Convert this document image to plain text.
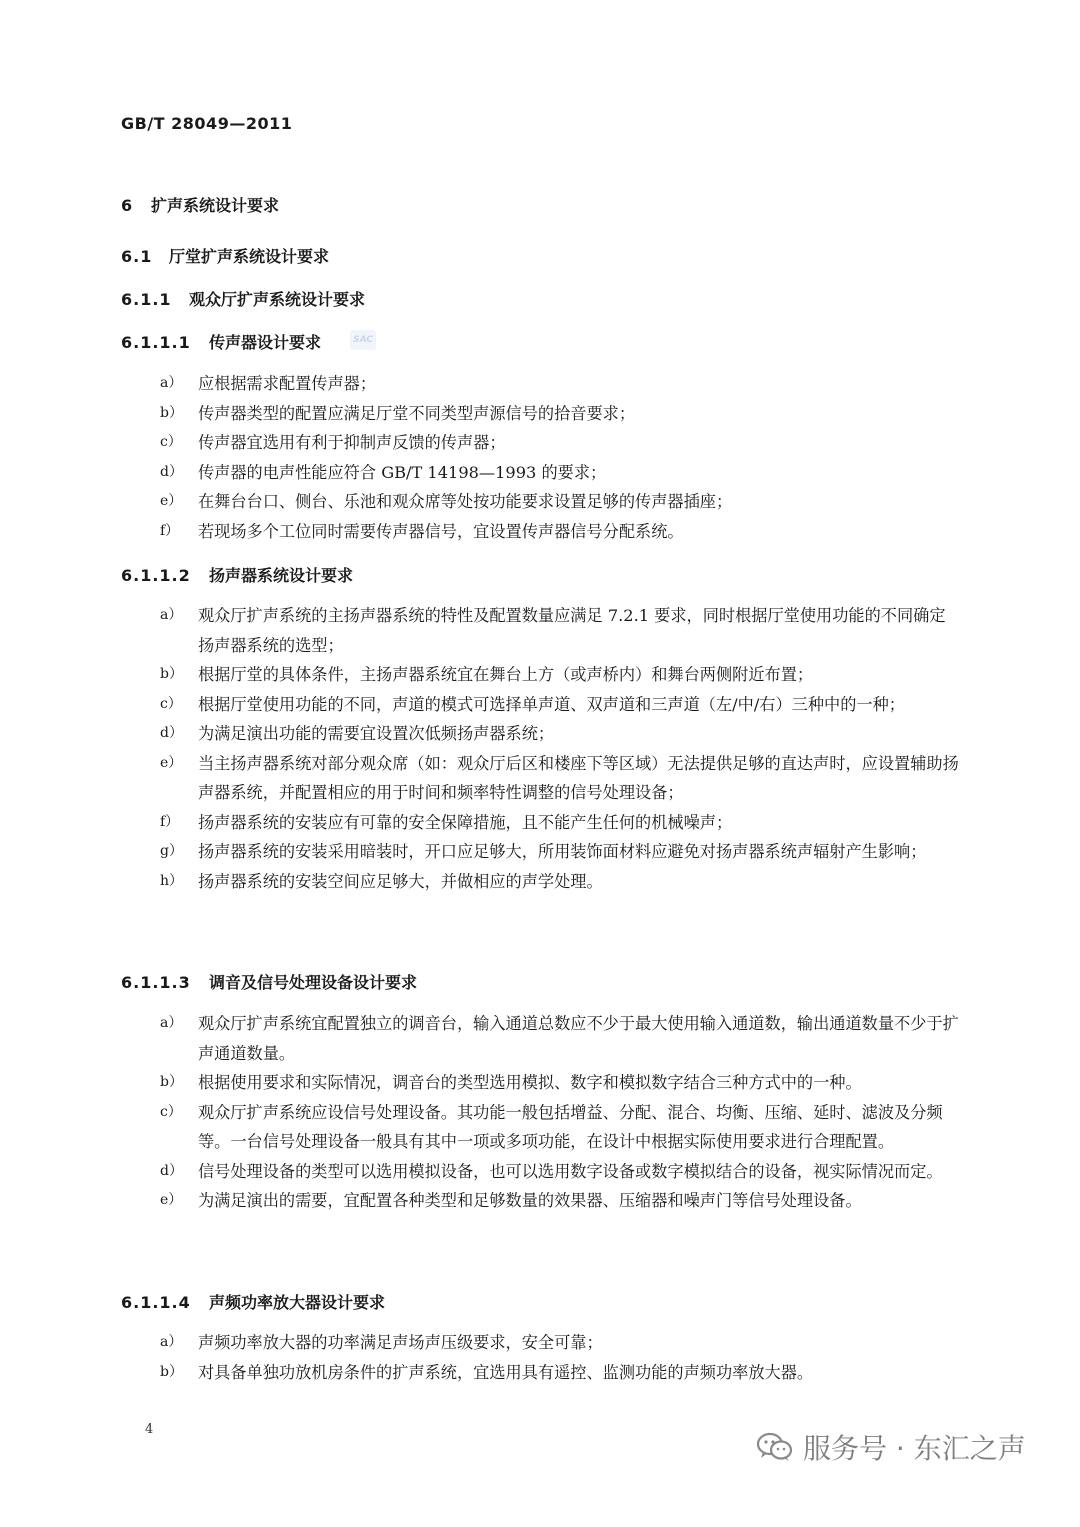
GB/T 28049—2011
6 扩声系统设计要求
6.1 厅堂扩声系统设计要求
6.1.1 观众厅扩声系统设计要求
6.1.1.1 传声器设计要求	SAC
a） 应根据需求配置传声器；
b） 传声器类型的配置应满足厅堂不同类型声源信号的拾音要求；
c） 传声器宜选用有利于抑制声反馈的传声器；
d） 传声器的电声性能应符合 GB/T 14198—1993 的要求；
e） 在舞台台口、侧台、乐池和观众席等处按功能要求设置足够的传声器插座；
f） 若现场多个工位同时需要传声器信号，宜设置传声器信号分配系统。
6.1.1.2 扬声器系统设计要求
a） 观众厅扩声系统的主扬声器系统的特性及配置数量应满足 7.2.1 要求，同时根据厅堂使用功能的不同确定扬声器系统的选型；
b） 根据厅堂的具体条件，主扬声器系统宜在舞台上方（或声桥内）和舞台两侧附近布置；
c） 根据厅堂使用功能的不同，声道的模式可选择单声道、双声道和三声道（左/中/右）三种中的一种；
d） 为满足演出功能的需要宜设置次低频扬声器系统；
e） 当主扬声器系统对部分观众席（如：观众厅后区和楼座下等区域）无法提供足够的直达声时，应设置辅助扬声器系统，并配置相应的用于时间和频率特性调整的信号处理设备；
f） 扬声器系统的安装应有可靠的安全保障措施，且不能产生任何的机械噪声；
g） 扬声器系统的安装采用暗装时，开口应足够大，所用装饰面材料应避免对扬声器系统声辐射产生影响；
h） 扬声器系统的安装空间应足够大，并做相应的声学处理。
6.1.1.3 调音及信号处理设备设计要求
a） 观众厅扩声系统宜配置独立的调音台，输入通道总数应不少于最大使用输入通道数，输出通道数量不少于扩声通道数量。
b） 根据使用要求和实际情况，调音台的类型选用模拟、数字和模拟数字结合三种方式中的一种。
c） 观众厅扩声系统应设信号处理设备。其功能一般包括增益、分配、混合、均衡、压缩、延时、滤波及分频等。一台信号处理设备一般具有其中一项或多项功能，在设计中根据实际使用要求进行合理配置。
d） 信号处理设备的类型可以选用模拟设备，也可以选用数字设备或数字模拟结合的设备，视实际情况而定。
e） 为满足演出的需要，宜配置各种类型和足够数量的效果器、压缩器和噪声门等信号处理设备。
6.1.1.4 声频功率放大器设计要求
a） 声频功率放大器的功率满足声场声压级要求，安全可靠；
b） 对具备单独功放机房条件的扩声系统，宜选用具有遥控、监测功能的声频功率放大器。
4
服务号 · 东汇之声
